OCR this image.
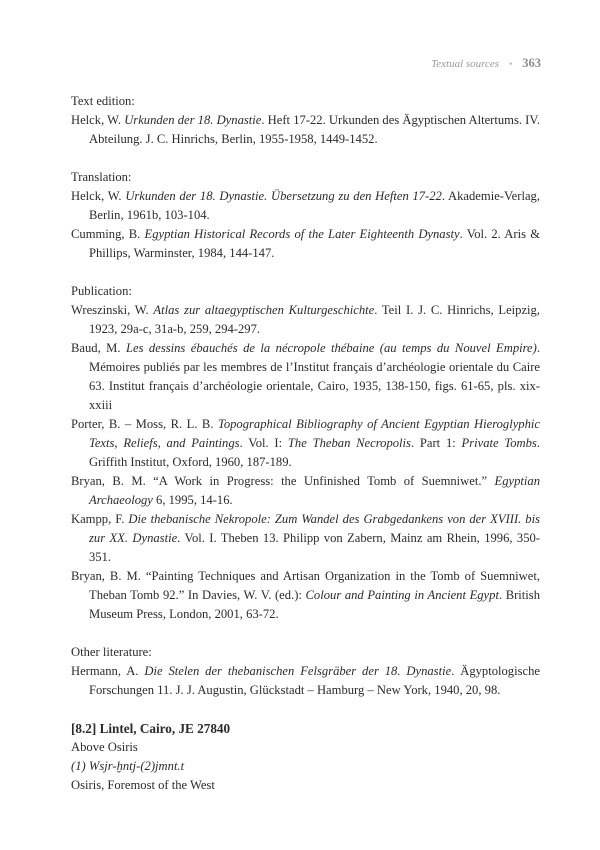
Textual sources • 363

Text edition:

Helck, W. Urkunden der 18. Dynastie. Heft 17-22. Urkunden des Ägyptischen Altertums. IV. Abteilung. J. C. Hinrichs, Berlin, 1955-1958, 1449-1452.

Translation:

Helck, W. Urkunden der 18. Dynastie. Übersetzung zu den Heften 17-22. Akademie-Verlag, Berlin, 1961b, 103-104.

Cumming, B. Egyptian Historical Records of the Later Eighteenth Dynasty. Vol. 2. Aris & Phillips, Warminster, 1984, 144-147.

Publication:

Wreszinski, W. Atlas zur altaegyptischen Kulturgeschichte. Teil I. J. C. Hinrichs, Leipzig, 1923, 29a-c, 31a-b, 259, 294-297.

Baud, M. Les dessins ébauchés de la nécropole thébaine (au temps du Nouvel Empire). Mémoires publiés par les membres de l’Institut français d’archéologie orientale du Caire 63. Institut français d’archéologie orientale, Cairo, 1935, 138-150, figs. 61-65, pls. xix-xxiii

Porter, B. – Moss, R. L. B. Topographical Bibliography of Ancient Egyptian Hieroglyphic Texts, Reliefs, and Paintings. Vol. I: The Theban Necropolis. Part 1: Private Tombs. Griffith Institut, Oxford, 1960, 187-189.

Bryan, B. M. “A Work in Progress: the Unfinished Tomb of Suemniwet.” Egyptian Archaeology 6, 1995, 14-16.

Kampp, F. Die thebanische Nekropole: Zum Wandel des Grabgedankens von der XVIII. bis zur XX. Dynastie. Vol. I. Theben 13. Philipp von Zabern, Mainz am Rhein, 1996, 350-351.

Bryan, B. M. “Painting Techniques and Artisan Organization in the Tomb of Suemniwet, Theban Tomb 92.” In Davies, W. V. (ed.): Colour and Painting in Ancient Egypt. British Museum Press, London, 2001, 63-72.

Other literature:

Hermann, A. Die Stelen der thebanischen Felsgräber der 18. Dynastie. Ägyptologische Forschungen 11. J. J. Augustin, Glückstadt – Hamburg – New York, 1940, 20, 98.

[8.2] Lintel, Cairo, JE 27840

Above Osiris

(1) Wsjr-ḫntj-(2)jmnt.t

Osiris, Foremost of the West
